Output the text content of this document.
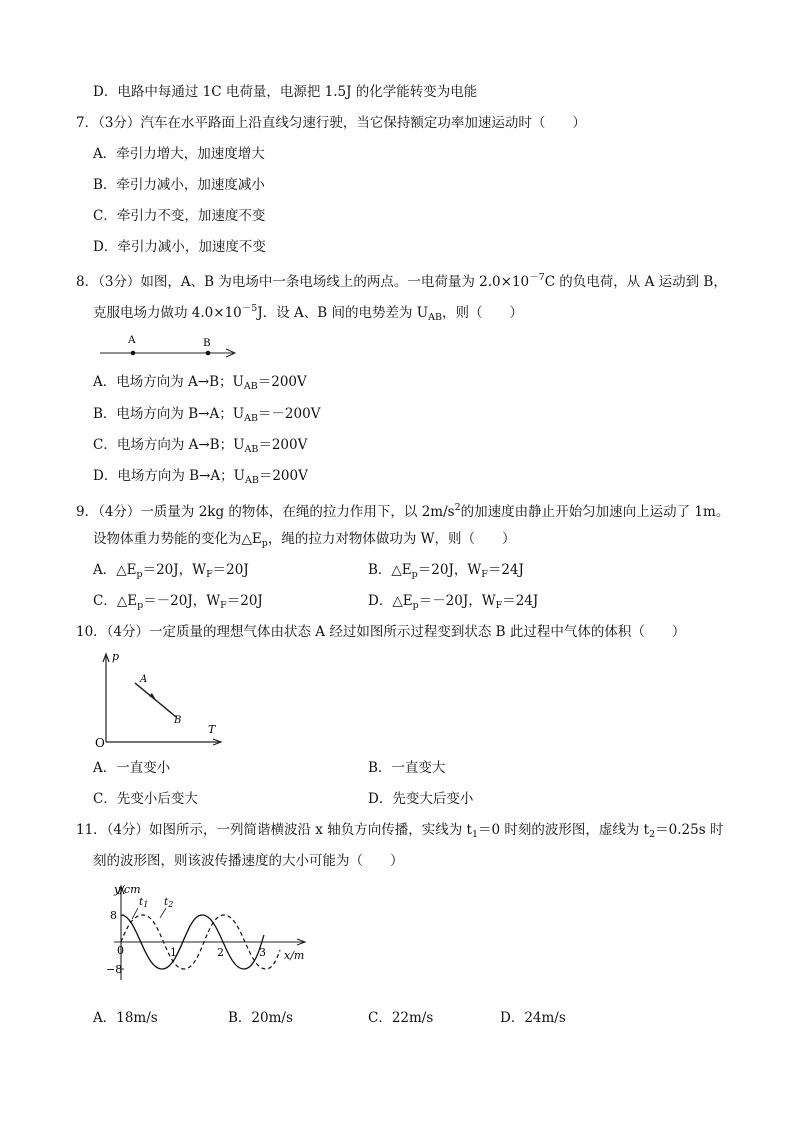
D．电路中每通过 1C 电荷量，电源把 1.5J 的化学能转变为电能
7．（3分）汽车在水平路面上沿直线匀速行驶，当它保持额定功率加速运动时（　　）
A．牵引力增大，加速度增大
B．牵引力减小，加速度减小
C．牵引力不变，加速度不变
D．牵引力减小，加速度不变
8．（3分）如图，A、B 为电场中一条电场线上的两点。一电荷量为 $2.0\times 10^{-7}C$ 的负电荷，从 A 运动到 B，
克服电场力做功 $4.0\times 10^{-5}J$．设 A、B 间的电势差为 $U_{AB}$，则（　　）
A	B
A．电场方向为 A→B；$U_{AB}=200V$
B．电场方向为 B→A；$U_{AB}=-200V$
C．电场方向为 A→B；$U_{AB}=200V$
D．电场方向为 B→A；$U_{AB}=200V$
9．（4分）一质量为 2kg 的物体，在绳的拉力作用下，以 $2m/s^2$的加速度由静止开始匀加速向上运动了 1m。
设物体重力势能的变化为$\triangle E_p$，绳的拉力对物体做功为 W，则（　　）
A．$\triangle E_p=20J$，$W_F=20J$	B．$\triangle E_p=20J$，$W_F=24J$
C．$\triangle E_p=-20J$，$W_F=20J$	D．$\triangle E_p=-20J$，$W_F=24J$
10．（4分）一定质量的理想气体由状态 A 经过如图所示过程变到状态 B 此过程中气体的体积（　　）
p
T
O
A
B
A．一直变小	B．一直变大
C．先变小后变大	D．先变大后变小
11．（4分）如图所示，一列简谐横波沿 x 轴负方向传播，实线为 $t_1=0$ 时刻的波形图，虚线为 $t_2=0.25s$ 时
刻的波形图，则该波传播速度的大小可能为（　　）
y/cm
x/m
8
−8
0	1	2	3
t1 t2
A．18m/s	B．20m/s	C．22m/s	D．24m/s
